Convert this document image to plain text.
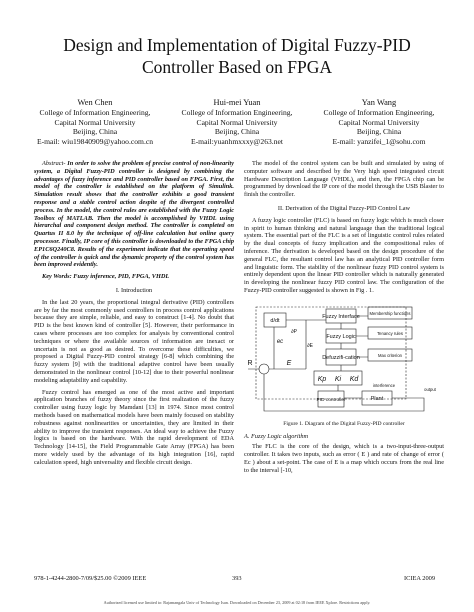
Design and Implementation of Digital Fuzzy-PID Controller Based on FPGA
Wen Chen
College of Information Engineering,
Capital Normal University
Beijing, China
E-mail: wiu19840909@yahoo.com.cn
Hui-mei Yuan
College of Information Engineering,
Capital Normal University
Beijing, China
E-mail:yuanhmxxxy@263.net
Yan Wang
College of Information Engineering,
Capital Normal University
Beijing, China
E-mail: yanzifei_1@sohu.com

Abstract- In order to solve the problem of precise control of non-linearity system, a Digital Fuzzy-PID controller is designed by combining the advantages of fuzzy inference and PID controller based on FPGA. First, the model of the controller is established on the platform of Simulink. Simulation result shows that the controller exhibits a good transient response and a stable control action despite of the divergent controlled process. In the model, the control rules are established with the Fuzzy Logic Toolbox of MATLAB. Then the model is accomplished by VHDL using hierarchal and component design method. The controller is completed on Quartus II 8.0 by the technique of off-line calculation but online query processor. Finally, IP core of this controller is downloaded to the FPGA chip EP1C6Q240C8. Results of the experiment indicate that the operating speed of the controller is quick and the dynamic property of the control system has been improved evidently.

Key Words: Fuzzy inference, PID, FPGA, VHDL

I. Introduction

In the last 20 years, the proportional integral derivative (PID) controllers are by far the most commonly used controllers in process control applications because they are simple, reliable, and easy to construct [1-4]. No doubt that PID is the best known kind of controller [5]. However, their performance in cases where processes are too complex for analysis by conventional control techniques or where the available sources of information are inexact or uncertain is not as good as desired. To overcome these difficulties, we proposed a Digital Fuzzy-PID control strategy [6-8] which combining the fuzzy system [9] with the traditional adaptive control have been usually demonstrated in the nonlinear control [10-12] due to their powerful nonlinear modeling adaptability and capability.

Fuzzy control has emerged as one of the most active and important application branches of fuzzy theory since the first realization of the fuzzy controller using fuzzy logic by Mamdani [13] in 1974. Since most control methods based on mathematical models have been mainly focused on stability robustness against nonlinearities or uncertainties, they are limited in their ability to improve the transient responses. An ideal way to achieve the Fuzzy logics is based on the hardware. With the rapid development of EDA Technology [14-15], the Field Programmable Gate Array (FPGA) has been more widely used by the advantage of its high integration [16], rapid calculation speed, high universality and flexible circuit design.

The model of the control system can be built and simulated by using of computer software and described by the Very high speed integrated circuit Hardware Description Language (VHDL), and then, the FPGA chip can be programmed by download the IP core of the model through the USB Blaster to finish the controller.

II. Derivation of the Digital Fuzzy-PID Control Law

A fuzzy logic controller (FLC) is based on fuzzy logic which is much closer in spirit to human thinking and natural language than the traditional logical system. The essential part of the FLC is a set of linguistic control rules related by the dual concepts of fuzzy implication and the compositional rules of inference. The derivation is developed based on the design procedure of the general FLC, the resultant control law has an analytical PID controller form and linguistic form. The stability of the nonlinear fuzzy PID control system is entirely dependent upon the linear PID controller which is naturally generated in developing the nonlinear fuzzy PID control law. The configuration of the Fuzzy-PID controller suggested is shown in Fig . 1.

d/dt
Fuzzy Interface
Fuzzy Logic
Defuzzifi-cation
Membership functions
Tenancy rules
Max criterion
Kp Ki Kd
PID controller	Plant
R	E
∂P
∂E
ec
interference
output
Figure 1. Diagram of the Digital Fuzzy-PID controller
A. Fuzzy Logic algorithm

The FLC is the core of the design, which is a two-input-three-output controller. It takes two inputs, such as error ( E ) and rate of change of error ( Ec ) about a set-point. The case of E is a map which occurs from the real line to the interval [-10,

978-1-4244-2800-7/09/$25.00 ©2009 IEEE	393	ICIEA 2009
Authorized licensed use limited to: Rajamangala Univ of Technology Isan. Downloaded on December 23, 2009 at 02:18 from IEEE Xplore. Restrictions apply.
